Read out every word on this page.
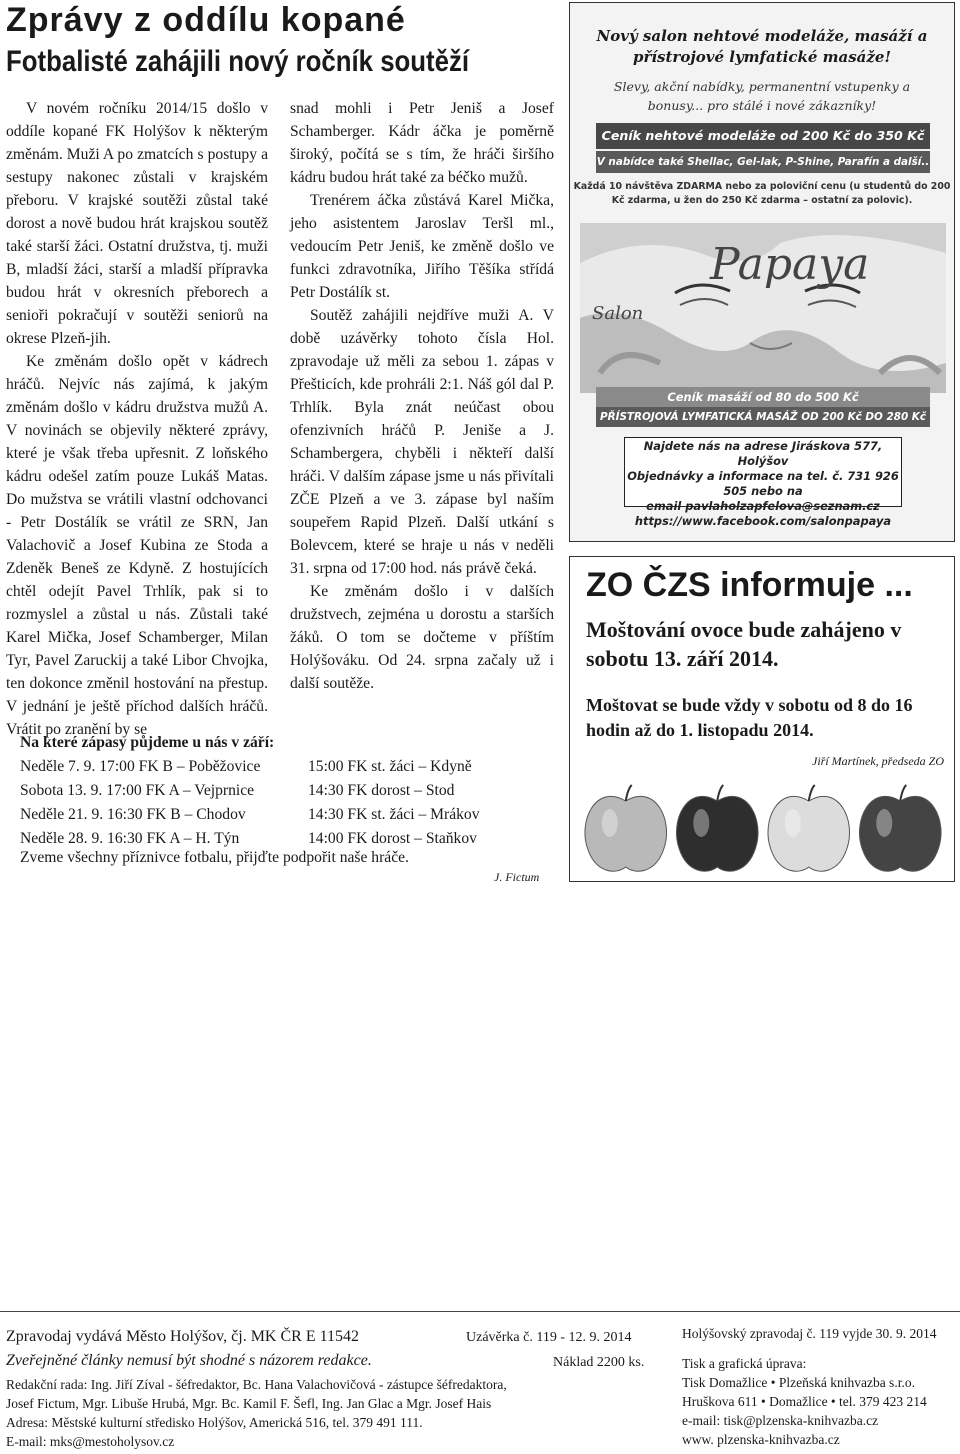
Zprávy z oddílu kopané
Fotbalisté zahájili nový ročník soutěží

V novém ročníku 2014/15 došlo v oddíle kopané FK Holýšov k některým změnám. Muži A po zmatcích s postupy a sestupy nakonec zůstali v krajském přeboru. V krajské soutěži zůstal také dorost a nově budou hrát krajskou soutěž také starší žáci. Ostatní družstva, tj. muži B, mladší žáci, starší a mladší přípravka budou hrát v okresních přeborech a senioři pokračují v soutěži seniorů na okrese Plzeň-jih.

Ke změnám došlo opět v kádrech hráčů. Nejvíc nás zajímá, k jakým změnám došlo v kádru družstva mužů A. V novinách se objevily některé zprávy, které je však třeba upřesnit. Z loňského kádru odešel zatím pouze Lukáš Matas. Do mužstva se vrátili vlastní odchovanci - Petr Dostálík se vrátil ze SRN, Jan Valachovič a Josef Kubina ze Stoda a Zdeněk Beneš ze Kdyně. Z hostujících chtěl odejít Pavel Trhlík, pak si to rozmyslel a zůstal u nás. Zůstali také Karel Mička, Josef Schamberger, Milan Tyr, Pavel Zaruckij a také Libor Chvojka, ten dokonce změnil hostování na přestup. V jednání je ještě příchod dalších hráčů. Vrátit po zranění by se

snad mohli i Petr Jeniš a Josef Schamberger. Kádr áčka je poměrně široký, počítá se s tím, že hráči širšího kádru budou hrát také za béčko mužů.

Trenérem áčka zůstává Karel Mička, jeho asistentem Jaroslav Teršl ml., vedoucím Petr Jeniš, ke změně došlo ve funkci zdravotníka, Jiřího Těšíka střídá Petr Dostálík st.

Soutěž zahájili nejdříve muži A. V době uzávěrky tohoto čísla Hol. zpravodaje už měli za sebou 1. zápas v Přešticích, kde prohráli 2:1. Náš gól dal P. Trhlík. Byla znát neúčast obou ofenzivních hráčů P. Jeniše a J. Schambergera, chyběli i někteří další hráči. V dalším zápase jsme u nás přivítali ZČE Plzeň a ve 3. zápase byl naším soupeřem Rapid Plzeň. Další utkání s Bolevcem, které se hraje u nás v neděli 31. srpna od 17:00 hod. nás právě čeká.

Ke změnám došlo i v dalších družstvech, zejména u dorostu a starších žáků. O tom se dočteme v příštím Holýšováku. Od 24. srpna začaly už i další soutěže.

Na které zápasy půjdeme u nás v září:
Neděle 7. 9. 17:00 FK B – Poběžovice	15:00 FK st. žáci – Kdyně
Sobota 13. 9. 17:00 FK A – Vejprnice	14:30 FK dorost – Stod
Neděle 21. 9. 16:30 FK B – Chodov	14:30 FK st. žáci – Mrákov
Neděle 28. 9. 16:30 FK A – H. Týn	14:00 FK dorost – Staňkov
Zveme všechny příznivce fotbalu, přijďte podpořit naše hráče.
J. Fictum
Nový salon nehtové modeláže, masáží a
přístrojové lymfatické masáže!
Slevy, akční nabídky, permanentní vstupenky a
bonusy... pro stálé i nové zákazníky!
Ceník nehtové modeláže od 200 Kč do 350 Kč
V nabídce také Shellac, Gel-lak, P-Shine, Parafín a další..
Každá 10 návštěva ZDARMA nebo za poloviční cenu (u studentů do 200
Kč zdarma, u žen do 250 Kč zdarma – ostatní za polovic).
Papaya
Salon
Ceník masáží od 80 do 500 Kč
PŘÍSTROJOVÁ LYMFATICKÁ MASÁŽ OD 200 Kč DO 280 Kč
Najdete nás na adrese Jiráskova 577, Holýšov
Objednávky a informace na tel. č. 731 926 505 nebo na
email pavlaholzapfelova@seznam.cz
https://www.facebook.com/salonpapaya
ZO ČZS informuje ...
Moštování ovoce bude zahájeno v sobotu 13. září 2014.
Moštovat se bude vždy v sobotu od 8 do 16 hodin až do 1. listopadu 2014.
Jiří Martínek, předseda ZO
Zpravodaj vydává Město Holýšov, čj. MK ČR E 11542	Uzávěrka č. 119 - 12. 9. 2014
Zveřejněné články nemusí být shodné s názorem redakce.	Náklad 2200 ks.
Redakční rada: Ing. Jiří Zíval - šéfredaktor, Bc. Hana Valachovičová - zástupce šéfredaktora,
Josef Fictum, Mgr. Libuše Hrubá, Mgr. Bc. Kamil F. Šefl, Ing. Jan Glac a Mgr. Josef Hais
Adresa: Městské kulturní středisko Holýšov, Americká 516, tel. 379 491 111.
E-mail: mks@mestoholysov.cz
Holýšovský zpravodaj č. 119 vyjde 30. 9. 2014
Tisk a grafická úprava:
Tisk Domažlice • Plzeňská knihvazba s.r.o.
Hruškova 611 • Domažlice • tel. 379 423 214
e-mail: tisk@plzenska-knihvazba.cz
www. plzenska-knihvazba.cz
